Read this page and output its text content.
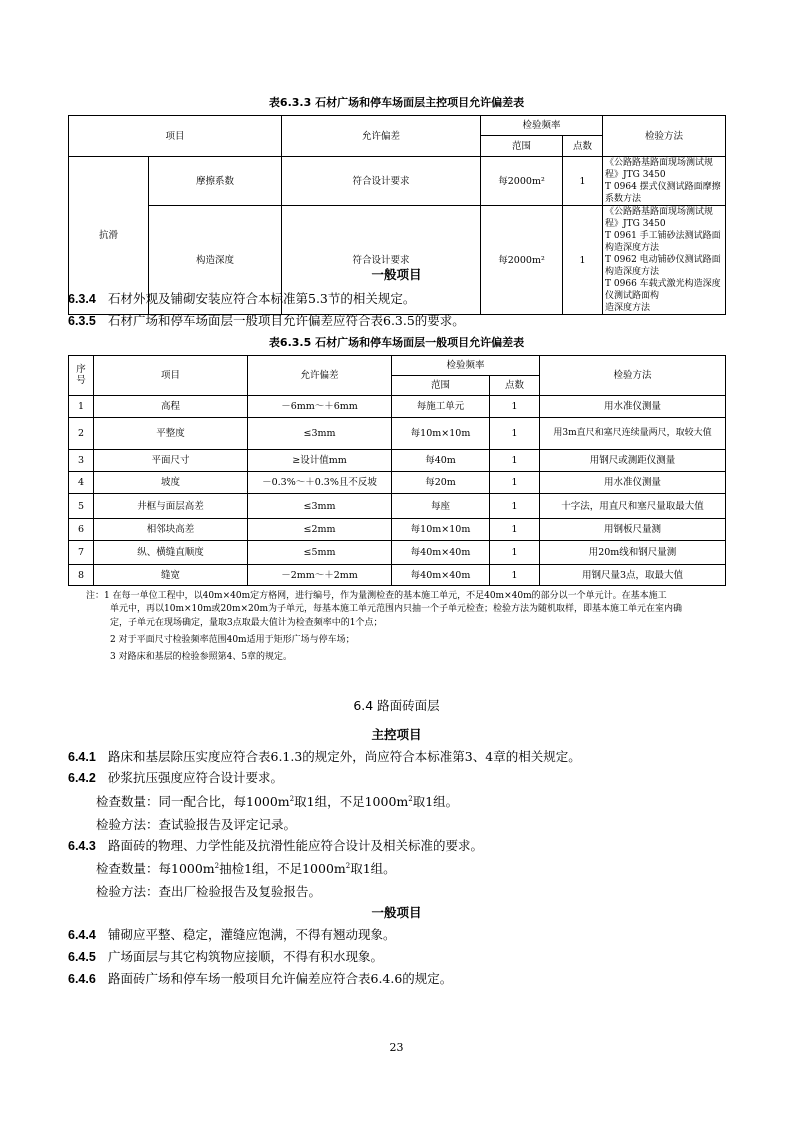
表6.3.3 石材广场和停车场面层主控项目允许偏差表
项目		允许偏差	检验频率		检验方法
			范围	点数	
抗滑	摩擦系数	符合设计要求	每2000m²	1	《公路路基路面现场测试规程》JTG 3450
T 0964 摆式仪测试路面摩擦系数方法

	构造深度	符合设计要求	每2000m²	1	《公路路基路面现场测试规程》JTG 3450
T 0961 手工铺砂法测试路面构造深度方法
T 0962 电动铺砂仪测试路面构造深度方法
T 0966 车载式激光构造深度仪测试路面构
造深度方法
一般项目
6.3.4 石材外观及铺砌安装应符合本标准第5.3节的相关规定。
6.3.5 石材广场和停车场面层一般项目允许偏差应符合表6.3.5的要求。
表6.3.5 石材广场和停车场面层一般项目允许偏差表
序号	项目	允许偏差	检验频率		检验方法
			范围	点数	
1	高程	－6mm～＋6mm	每施工单元	1	用水准仪测量
2	平整度	≤3mm	每10m×10m	1	用3m直尺和塞尺连续量两尺，取较大值
3	平面尺寸	≥设计值mm	每40m	1	用钢尺或测距仪测量
4	坡度	－0.3%～＋0.3%且不反坡	每20m	1	用水准仪测量
5	井框与面层高差	≤3mm	每座	1	十字法，用直尺和塞尺量取最大值
6	相邻块高差	≤2mm	每10m×10m	1	用钢板尺量测
7	纵、横缝直顺度	≤5mm	每40m×40m	1	用20m线和钢尺量测
8	缝宽	－2mm～＋2mm	每40m×40m	1	用钢尺量3点，取最大值
注：1 在每一单位工程中，以40m×40m定方格网，进行编号，作为量测检查的基本施工单元，不足40m×40m的部分以一个单元计。在基本施工
单元中，再以10m×10m或20m×20m为子单元，每基本施工单元范围内只抽一个子单元检查；检验方法为随机取样，即基本施工单元在室内确
定，子单元在现场确定，量取3点取最大值计为检查频率中的1个点；
2 对于平面尺寸检验频率范围40m适用于矩形广场与停车场；
3 对路床和基层的检验参照第4、5章的规定。
6.4 路面砖面层
主控项目
6.4.1 路床和基层除压实度应符合表6.1.3的规定外，尚应符合本标准第3、4章的相关规定。
6.4.2 砂浆抗压强度应符合设计要求。
检查数量：同一配合比，每$1000m^2$取1组，不足$1000m^2$取1组。
检验方法：查试验报告及评定记录。
6.4.3 路面砖的物理、力学性能及抗滑性能应符合设计及相关标准的要求。
检查数量：每$1000m^2$抽检1组，不足$1000m^2$取1组。
检验方法：查出厂检验报告及复验报告。
一般项目
6.4.4 铺砌应平整、稳定，灌缝应饱满，不得有翘动现象。
6.4.5 广场面层与其它构筑物应接顺，不得有积水现象。
6.4.6 路面砖广场和停车场一般项目允许偏差应符合表6.4.6的规定。
23
